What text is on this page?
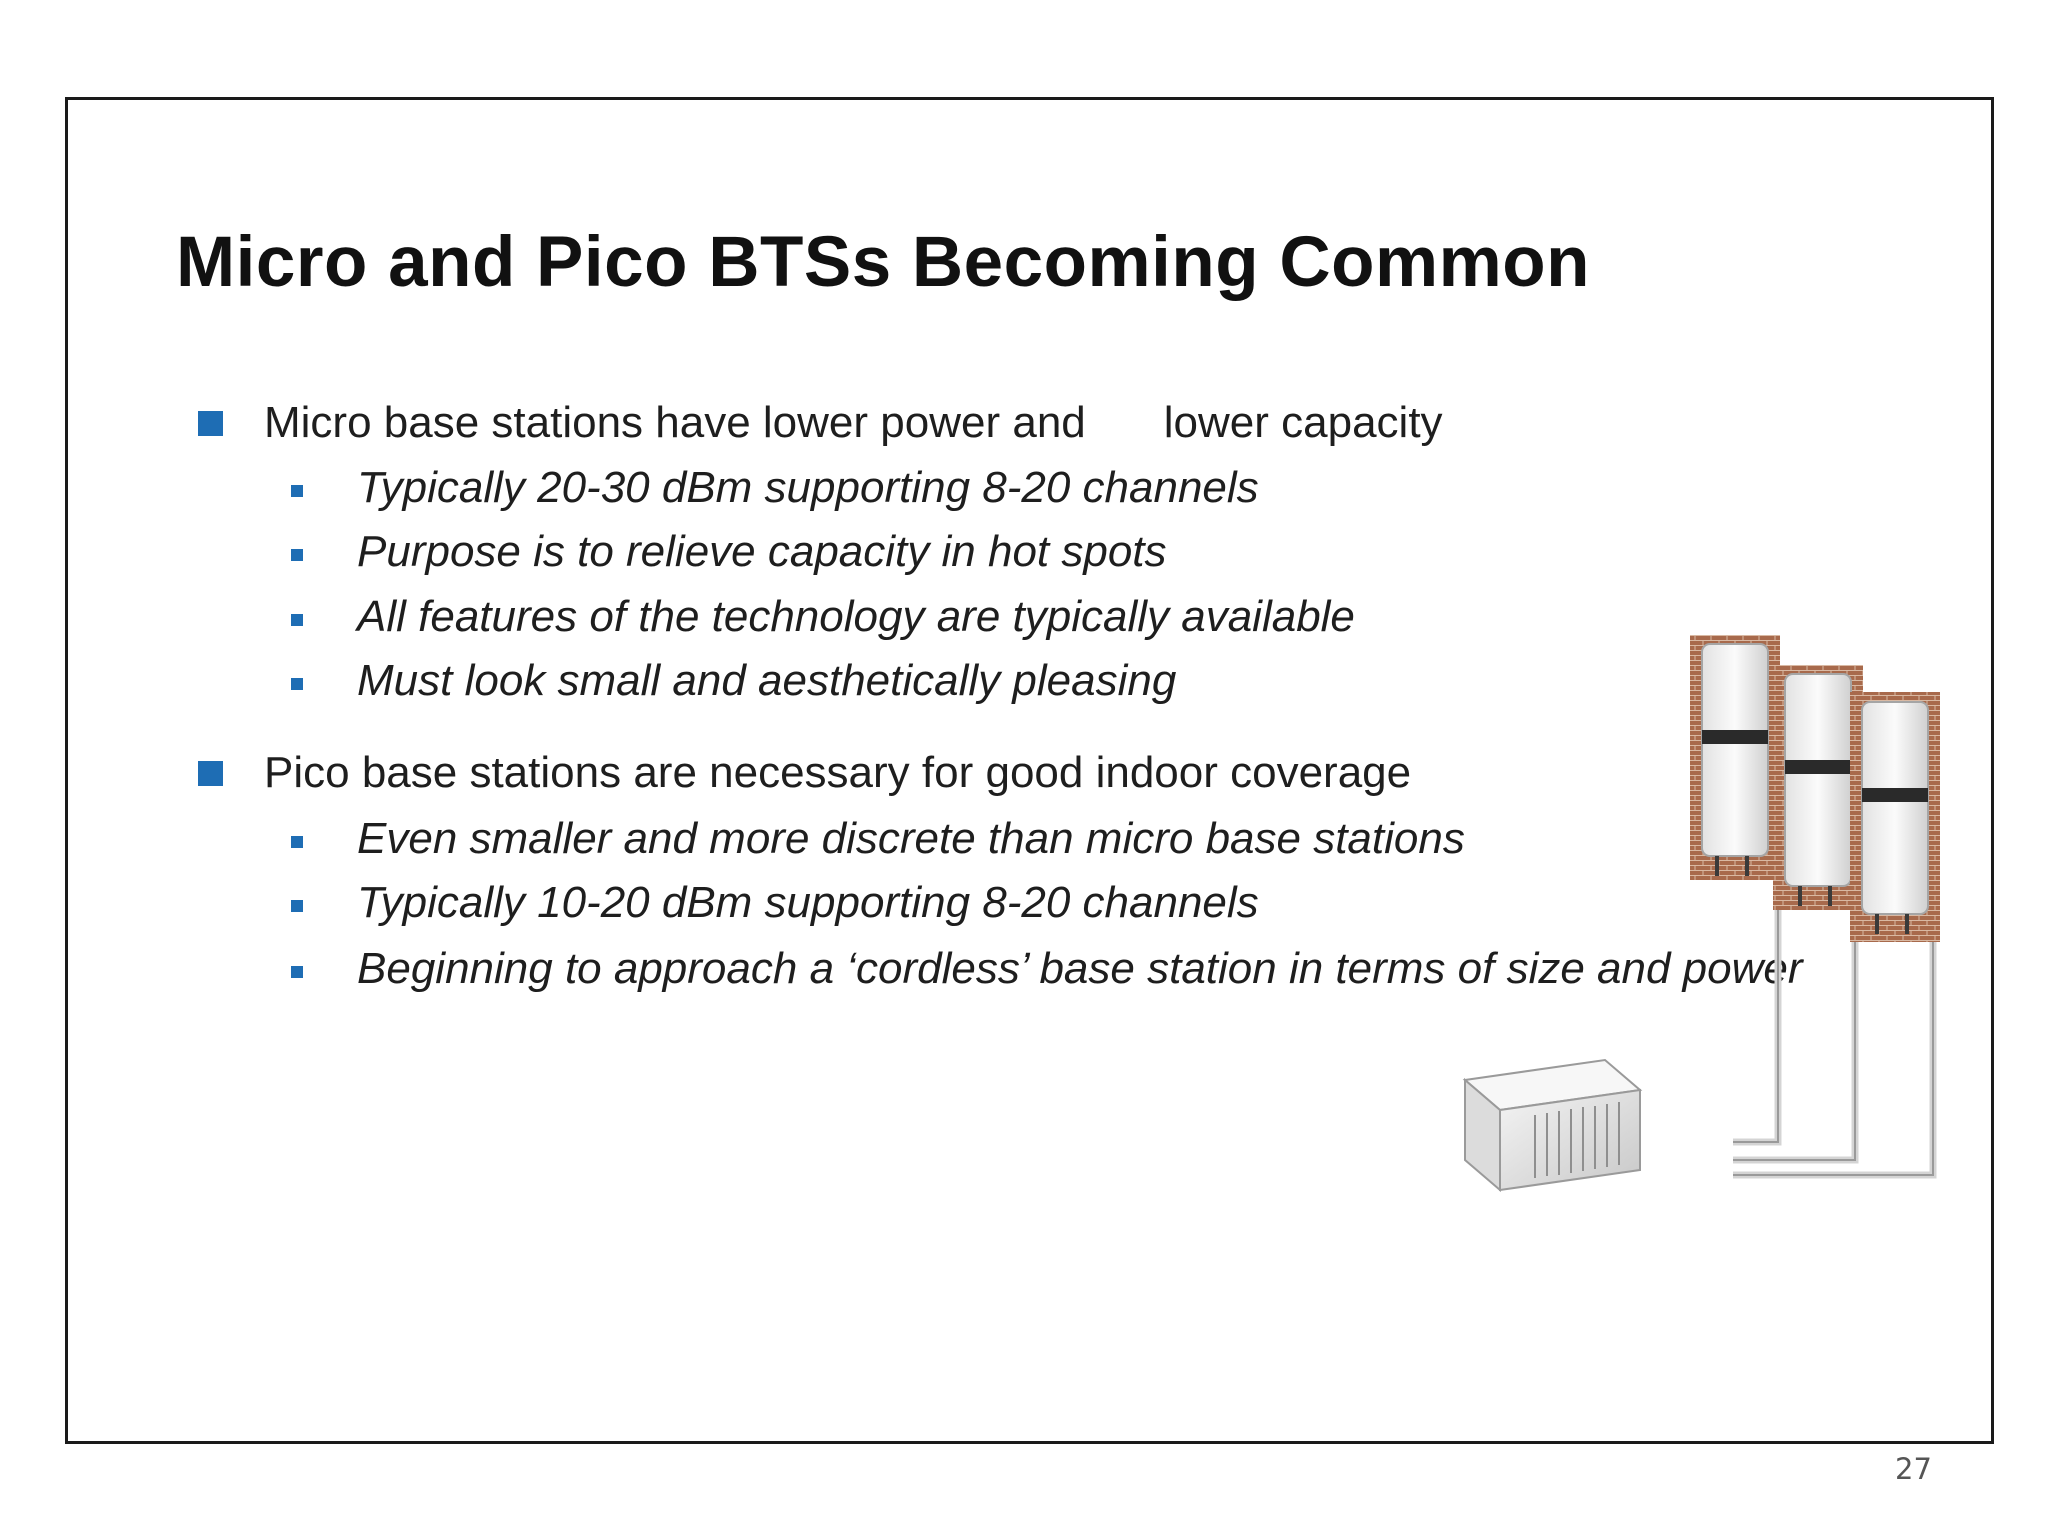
Micro and Pico BTSs Becoming Common
Micro base stations have lower power and lower capacity
Typically 20-30 dBm supporting 8-20 channels
Purpose is to relieve capacity in hot spots
All features of the technology are typically available
Must look small and aesthetically pleasing
Pico base stations are necessary for good indoor coverage
Even smaller and more discrete than micro base stations
Typically 10-20 dBm supporting 8-20 channels
Beginning to approach a ‘cordless’ base station in terms of size and power
27
